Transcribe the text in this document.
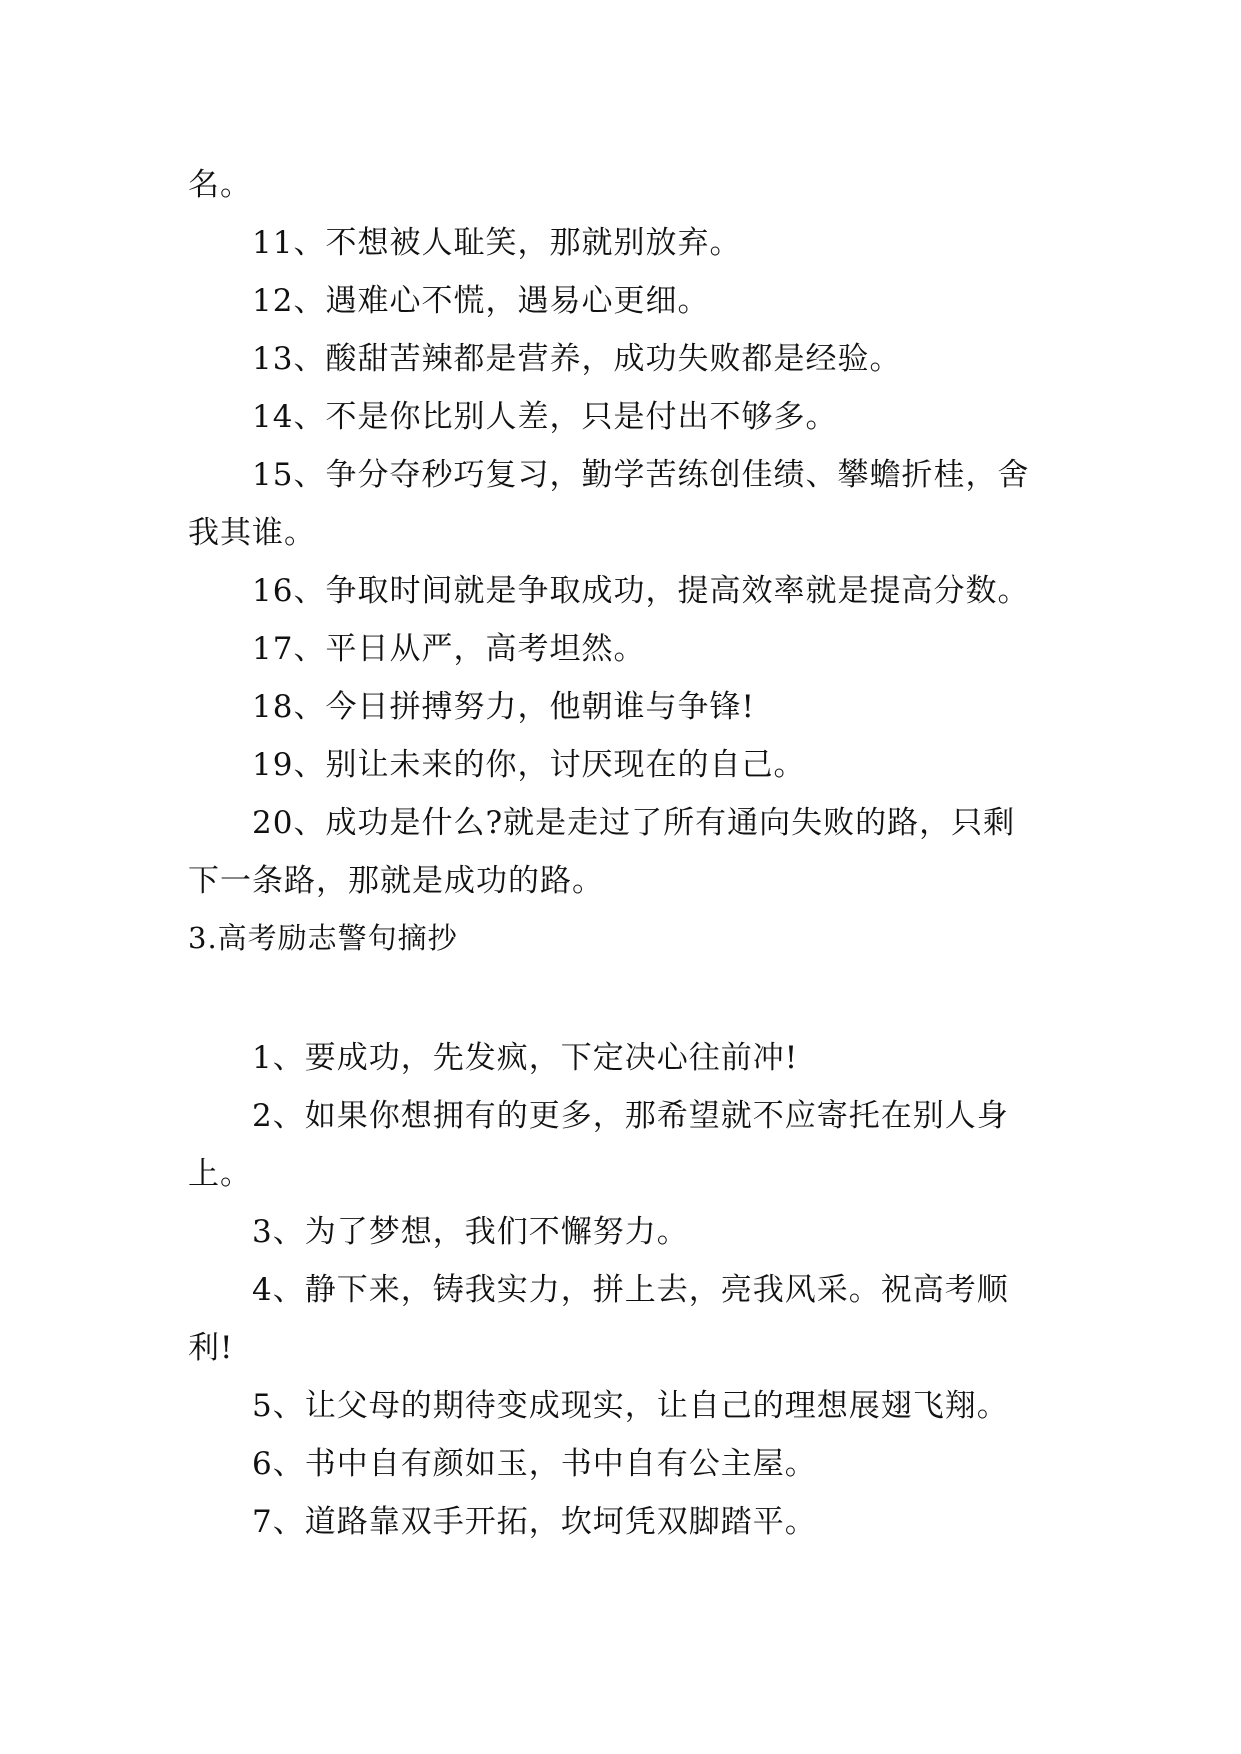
名。
11、不想被人耻笑，那就别放弃。
12、遇难心不慌，遇易心更细。
13、酸甜苦辣都是营养，成功失败都是经验。
14、不是你比别人差，只是付出不够多。
15、争分夺秒巧复习，勤学苦练创佳绩、攀蟾折桂，舍
我其谁。
16、争取时间就是争取成功，提高效率就是提高分数。
17、平日从严，高考坦然。
18、今日拼搏努力，他朝谁与争锋!
19、别让未来的你，讨厌现在的自己。
20、成功是什么?就是走过了所有通向失败的路，只剩
下一条路，那就是成功的路。
3.高考励志警句摘抄
1、要成功，先发疯，下定决心往前冲!
2、如果你想拥有的更多，那希望就不应寄托在别人身
上。
3、为了梦想，我们不懈努力。
4、静下来，铸我实力，拼上去，亮我风采。祝高考顺
利!
5、让父母的期待变成现实，让自己的理想展翅飞翔。
6、书中自有颜如玉，书中自有公主屋。
7、道路靠双手开拓，坎坷凭双脚踏平。
